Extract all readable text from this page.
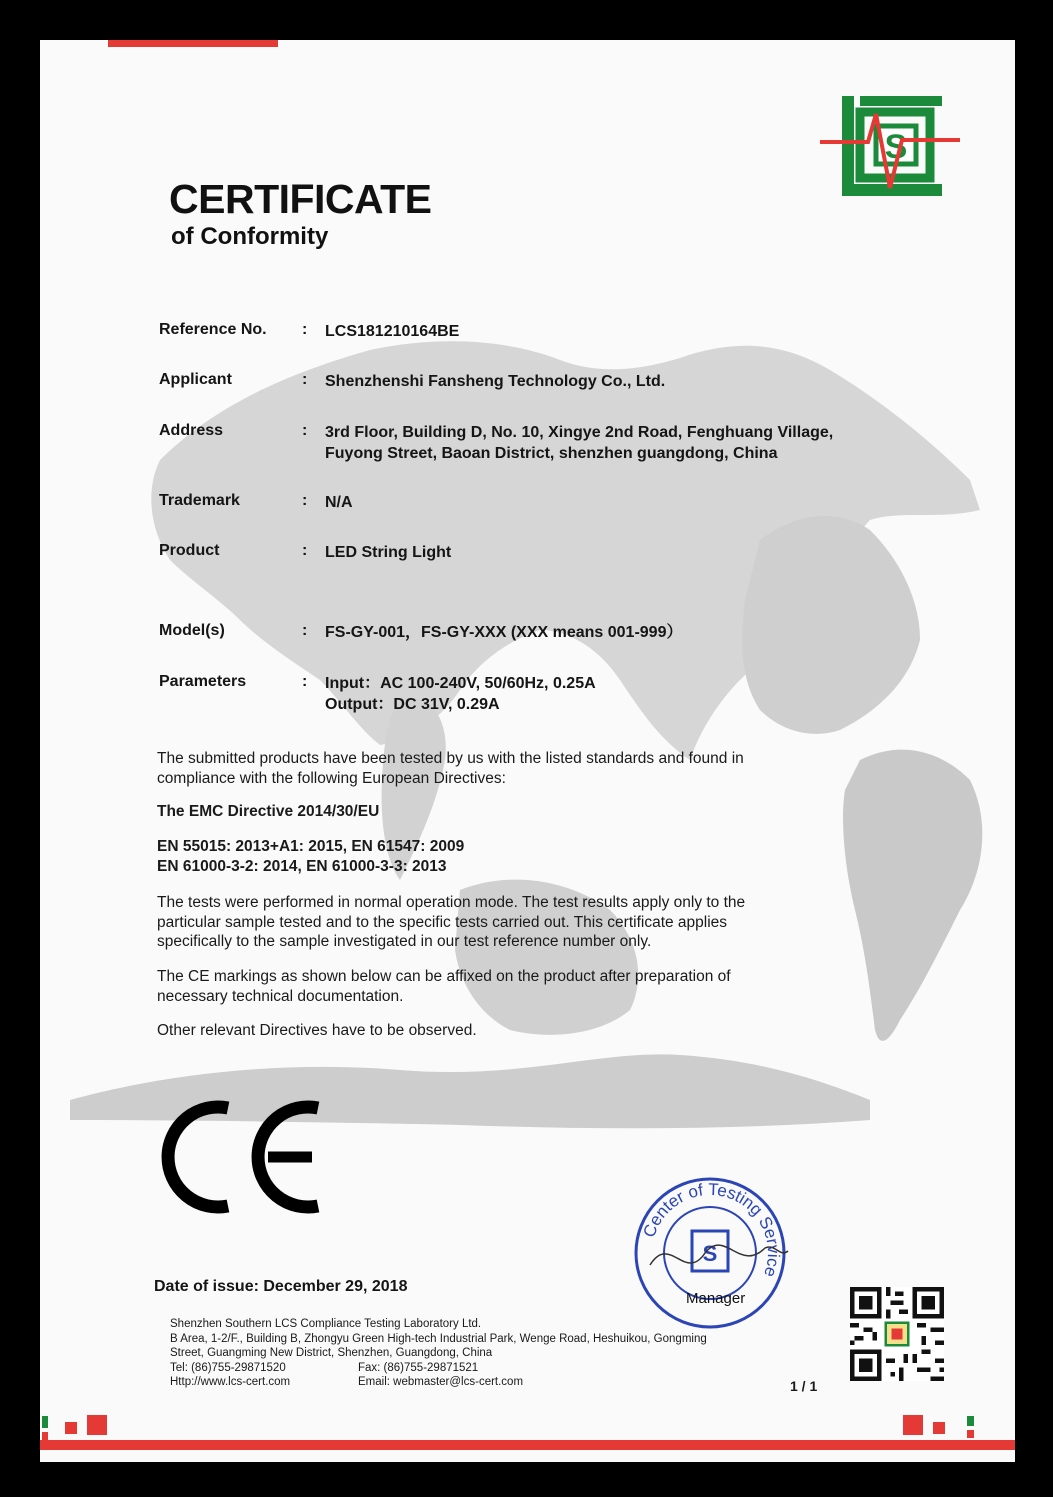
S
CERTIFICATE
of Conformity
Reference No.	: LCS181210164BE
Applicant	: Shenzhenshi Fansheng Technology Co., Ltd.
Address	: 3rd Floor, Building D, No. 10, Xingye 2nd Road, Fenghuang Village,
Fuyong Street, Baoan District, shenzhen guangdong, China
Trademark	: N/A
Product	: LED String Light
Model(s)	: FS-GY-001，FS-GY-XXX (XXX means 001-999）
Parameters	: Input：AC 100-240V, 50/60Hz, 0.25A
Output：DC 31V, 0.29A
The submitted products have been tested by us with the listed standards and found in
compliance with the following European Directives:
The EMC Directive 2014/30/EU
EN 55015: 2013+A1: 2015, EN 61547: 2009
EN 61000-3-2: 2014, EN 61000-3-3: 2013
The tests were performed in normal operation mode. The test results apply only to the
particular sample tested and to the specific tests carried out. This certificate applies
specifically to the sample investigated in our test reference number only.
The CE markings as shown below can be affixed on the product after preparation of
necessary technical documentation.
Other relevant Directives have to be observed.
Center of Testing Service
S
Manager
Date of issue: December 29, 2018
Shenzhen Southern LCS Compliance Testing Laboratory Ltd.
B Area, 1-2/F., Building B, Zhongyu Green High-tech Industrial Park, Wenge Road, Heshuikou, Gongming
Street, Guangming New District, Shenzhen, Guangdong, China
Tel: (86)755-29871520	Fax: (86)755-29871521
Http://www.lcs-cert.com	Email: webmaster@lcs-cert.com	1 / 1
